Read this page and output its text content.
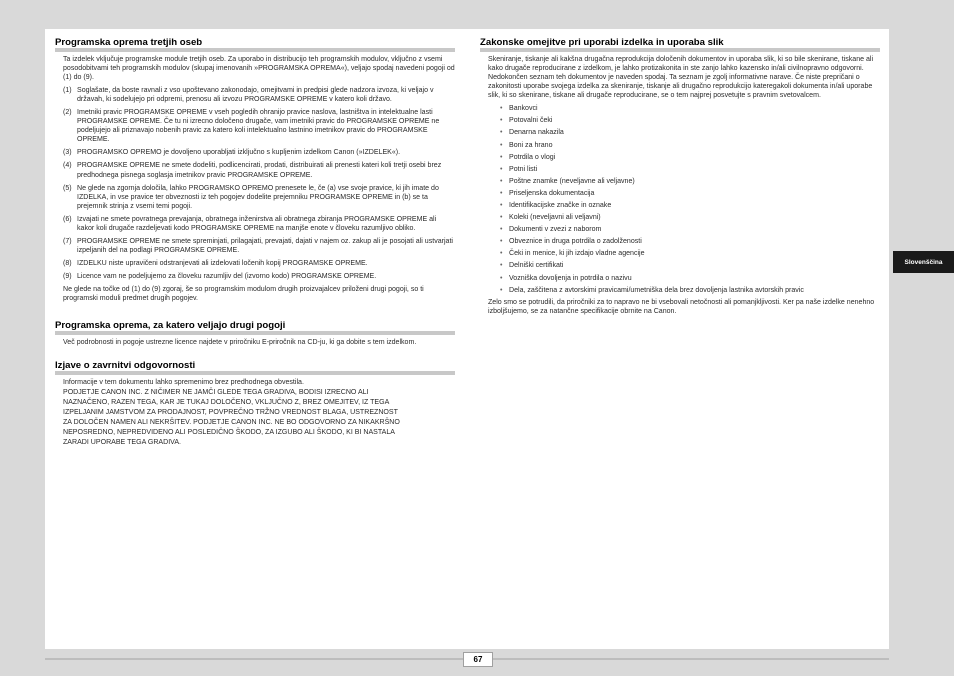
Programska oprema tretjih oseb
Ta izdelek vključuje programske module tretjih oseb. Za uporabo in distribucijo teh programskih modulov, vključno z vsemi posodobitvami teh programskih modulov (skupaj imenovanih »PROGRAMSKA OPREMA«), veljajo spodaj navedeni pogoji od (1) do (9).
(1) Soglašate, da boste ravnali z vso upoštevano zakonodajo, omejitvami in predpisi glede nadzora izvoza, ki veljajo v državah, ki sodelujejo pri odpremi, prenosu ali izvozu PROGRAMSKE OPREME v katero koli državo.
(2) Imetniki pravic PROGRAMSKE OPREME v vseh pogledih ohranijo pravice naslova, lastništva in intelektualne lasti PROGRAMSKE OPREME. Če tu ni izrecno določeno drugače, vam imetniki pravic do PROGRAMSKE OPREME ne podeljujejo ali priznavajo nobenih pravic za katero koli intelektualno lastnino imetnikov pravic do PROGRAMSKE OPREME.
(3) PROGRAMSKO OPREMO je dovoljeno uporabljati izključno s kupljenim izdelkom Canon (»IZDELEK«).
(4) PROGRAMSKE OPREME ne smete dodeliti, podlicencirati, prodati, distribuirati ali prenesti kateri koli tretji osebi brez predhodnega pisnega soglasja imetnikov pravic PROGRAMSKE OPREME.
(5) Ne glede na zgornja določila, lahko PROGRAMSKO OPREMO prenesete le, če (a) vse svoje pravice, ki jih imate do IZDELKA, in vse pravice ter obveznosti iz teh pogojev dodelite prejemniku PROGRAMSKE OPREME in (b) se ta prejemnik strinja z vsemi temi pogoji.
(6) Izvajati ne smete povratnega prevajanja, obratnega inženirstva ali obratnega zbiranja PROGRAMSKE OPREME ali kakor koli drugače razdeljevati kodo PROGRAMSKE OPREME na manjše enote v človeku razumljivo obliko.
(7) PROGRAMSKE OPREME ne smete spreminjati, prilagajati, prevajati, dajati v najem oz. zakup ali je posojati ali ustvarjati izpeljanih del na podlagi PROGRAMSKE OPREME.
(8) IZDELKU niste upravičeni odstranjevati ali izdelovati ločenih kopij PROGRAMSKE OPREME.
(9) Licence vam ne podeljujemo za človeku razumljiv del (izvorno kodo) PROGRAMSKE OPREME.
Ne glede na točke od (1) do (9) zgoraj, še so programskim modulom drugih proizvajalcev priloženi drugi pogoji, so ti programski moduli predmet drugih pogojev.
Programska oprema, za katero veljajo drugi pogoji
Več podrobnosti in pogoje ustrezne licence najdete v priročniku E-priročnik na CD-ju, ki ga dobite s tem izdelkom.
Izjave o zavrnitvi odgovornosti
Informacije v tem dokumentu lahko spremenimo brez predhodnega obvestila.
PODJETJE CANON INC. Z NIČIMER NE JAMČI GLEDE TEGA GRADIVA, BODISI IZRECNO ALI
NAZNAČENO, RAZEN TEGA, KAR JE TUKAJ DOLOČENO, VKLJUČNO Z, BREZ OMEJITEV, IZ TEGA
IZPELJANIM JAMSTVOM ZA PRODAJNOST, POVPREČNO TRŽNO VREDNOST BLAGA, USTREZNOST
ZA DOLOČEN NAMEN ALI NEKRŠITEV. PODJETJE CANON INC. NE BO ODGOVORNO ZA NIKAKRŠNO
NEPOSREDNO, NEPREDVIDENO ALI POSLEDIČNO ŠKODO, ZA IZGUBO ALI ŠKODO, KI BI NASTALA
ZARADI UPORABE TEGA GRADIVA.
Zakonske omejitve pri uporabi izdelka in uporaba slik
Skeniranje, tiskanje ali kakšna drugačna reprodukcija določenih dokumentov in uporaba slik, ki so bile skenirane, tiskane ali kako drugače reproducirane z izdelkom, je lahko protizakonita in ste zanjo lahko kazensko in/ali civilnopravno odgovorni. Nedokončen seznam teh dokumentov je naveden spodaj. Ta seznam je zgolj informativne narave. Če niste prepričani o zakonitosti uporabe svojega izdelka za skeniranje, tiskanje ali drugačno reprodukcijo kateregakoli dokumenta in/ali uporabe slik, ki so skenirane, tiskane ali drugače reproducirane, se o tem najprej posvetujte s pravnim svetovalcem.
• Bankovci
• Potovalni čeki
• Denarna nakazila
• Boni za hrano
• Potrdila o vlogi
• Potni listi
• Poštne znamke (neveljavne ali veljavne)
• Priseljenska dokumentacija
• Identifikacijske značke in oznake
• Koleki (neveljavni ali veljavni)
• Dokumenti v zvezi z naborom
• Obveznice in druga potrdila o zadolženosti
• Čeki in menice, ki jih izdajo vladne agencije
• Delniški certifikati
• Vozniška dovoljenja in potrdila o nazivu
• Dela, zaščitena z avtorskimi pravicami/umetniška dela brez dovoljenja lastnika avtorskih pravic
Zelo smo se potrudili, da priročniki za to napravo ne bi vsebovali netočnosti ali pomanjkljivosti. Ker pa naše izdelke nenehno izboljšujemo, se za natančne specifikacije obrnite na Canon.
Slovenščina
67
